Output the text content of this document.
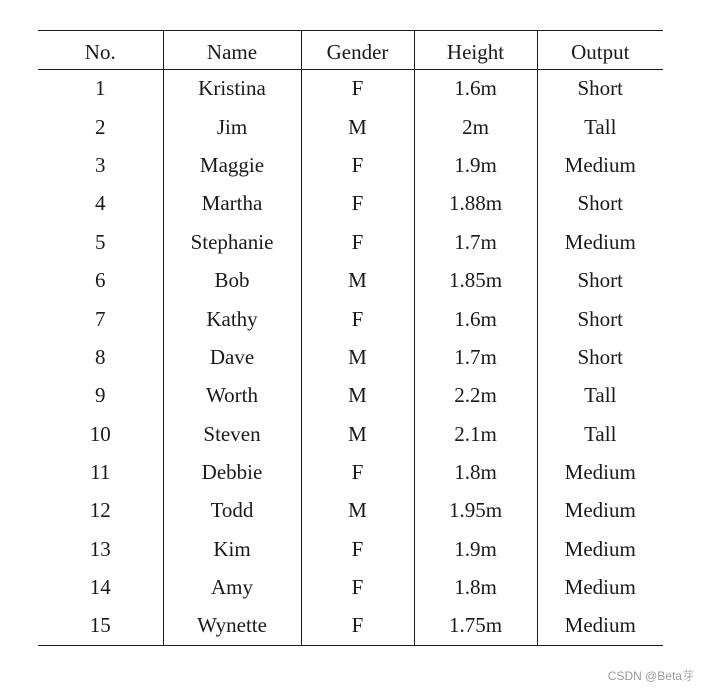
No.	Name	Gender	Height	Output
1	Kristina	F	1.6m	Short
2	Jim	M	2m	Tall
3	Maggie	F	1.9m	Medium
4	Martha	F	1.88m	Short
5	Stephanie	F	1.7m	Medium
6	Bob	M	1.85m	Short
7	Kathy	F	1.6m	Short
8	Dave	M	1.7m	Short
9	Worth	M	2.2m	Tall
10	Steven	M	2.1m	Tall
11	Debbie	F	1.8m	Medium
12	Todd	M	1.95m	Medium
13	Kim	F	1.9m	Medium
14	Amy	F	1.8m	Medium
15	Wynette	F	1.75m	Medium
CSDN @Beta芽
